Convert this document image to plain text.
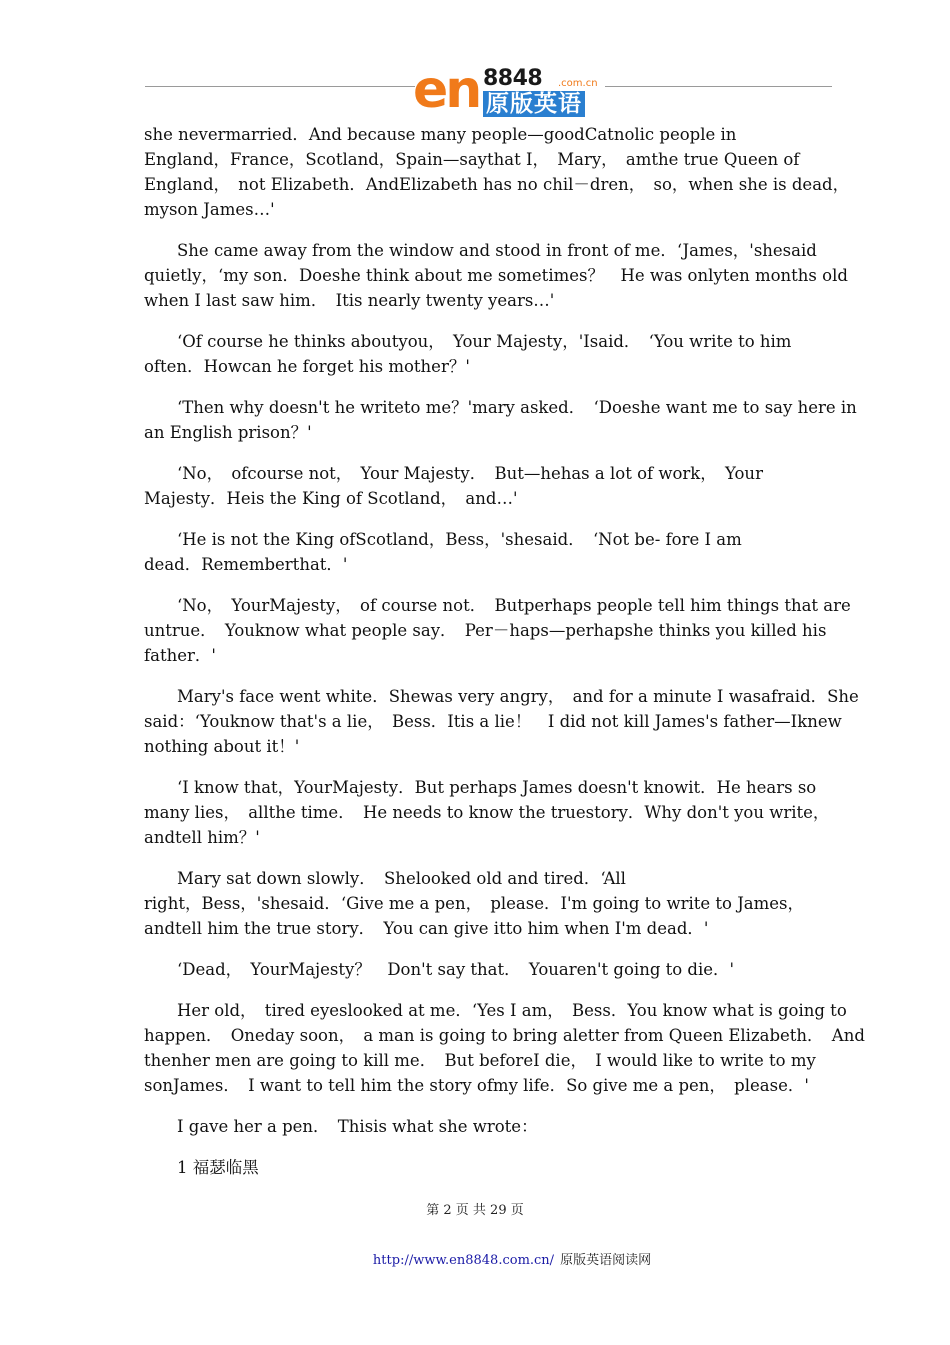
en 8848 .com.cn
原版英语

she nevermarried．And because many people—goodCatnolic people in
England，France，Scotland，Spain—saythat I，　Mary，　amthe true Queen of
England，　not Elizabeth．AndElizabeth has no chil－dren，　so，when she is dead，
myson James…'

　　She came away from the window and stood in front of me．‘James，'shesaid
quietly，‘my son．Doeshe think about me sometimes？　He was onlyten months old
when I last saw him．　Itis nearly twenty years…'

　　‘Of course he thinks aboutyou，　Your Majesty，'Isaid．　‘You write to him
often．Howcan he forget his mother？'

　　‘Then why doesn't he writeto me？'mary asked．　‘Doeshe want me to say here in
an English prison？'

　　‘No，　ofcourse not，　Your Majesty．　But—hehas a lot of work，　Your
Majesty．Heis the King of Scotland，　and…'

　　‘He is not the King ofScotland，Bess，'shesaid．　‘Not be- fore I am
dead．Rememberthat．'

　　‘No，　YourMajesty，　of course not．　Butperhaps people tell him things that are
untrue．　Youknow what people say．　Per－haps—perhapshe thinks you killed his
father．'

　　Mary's face went white．Shewas very angry，　and for a minute I wasafraid．She
said：‘Youknow that's a lie，　Bess．Itis a lie！　I did not kill James's father—Iknew
nothing about it！'

　　‘I know that，YourMajesty．But perhaps James doesn't knowit．He hears so
many lies，　allthe time．　He needs to know the truestory．Why don't you write，
andtell him？'

　　Mary sat down slowly．　Shelooked old and tired．‘All
right，Bess，'shesaid．‘Give me a pen，　please．I'm going to write to James，
andtell him the true story．　You can give itto him when I'm dead．'

　　‘Dead，　YourMajesty？　Don't say that．　Youaren't going to die．'

　　Her old，　tired eyeslooked at me．‘Yes I am，　Bess．You know what is going to
happen．　Oneday soon，　a man is going to bring aletter from Queen Elizabeth．　And
thenher men are going to kill me．　But beforeI die，　I would like to write to my
sonJames．　I want to tell him the story ofmy life．So give me a pen，　please．'

　　I gave her a pen．　Thisis what she wrote：

　　1 福瑟临黑

第 2 页 共 29 页
http://www.en8848.com.cn/ 原版英语阅读网
